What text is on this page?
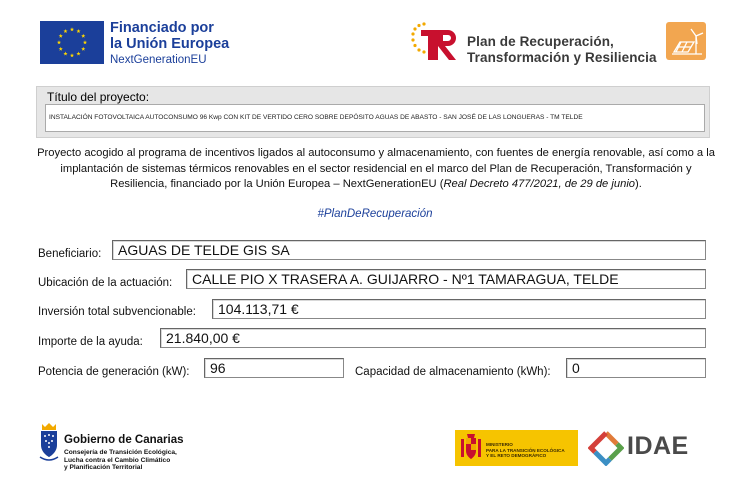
Financiado por
la Unión Europea
NextGenerationEU
Plan de Recuperación,
Transformación y Resiliencia
Título del proyecto:
INSTALACIÓN FOTOVOLTAICA AUTOCONSUMO 96 Kwp CON KIT DE VERTIDO CERO SOBRE DEPÓSITO AGUAS DE ABASTO - SAN JOSÉ DE LAS LONGUERAS - TM TELDE
Proyecto acogido al programa de incentivos ligados al autoconsumo y almacenamiento, con fuentes de energía renovable, así como a la implantación de sistemas térmicos renovables en el sector residencial en el marco del Plan de Recuperación, Transformación y Resiliencia, financiado por la Unión Europea – NextGenerationEU (Real Decreto 477/2021, de 29 de junio).
#PlanDeRecuperación
Beneficiario:	AGUAS DE TELDE GIS SA
Ubicación de la actuación:	CALLE PIO X TRASERA A. GUIJARRO - Nº1 TAMARAGUA, TELDE
Inversión total subvencionable:	104.113,71 €
Importe de la ayuda:	21.840,00 €
Potencia de generación (kW):	96	Capacidad de almacenamiento (kWh):	0
Gobierno de Canarias
Consejería de Transición Ecológica,
Lucha contra el Cambio Climático
y Planificación Territorial
MINISTERIO
PARA LA TRANSICIÓN ECOLÓGICA
Y EL RETO DEMOGRÁFICO	IDAE
